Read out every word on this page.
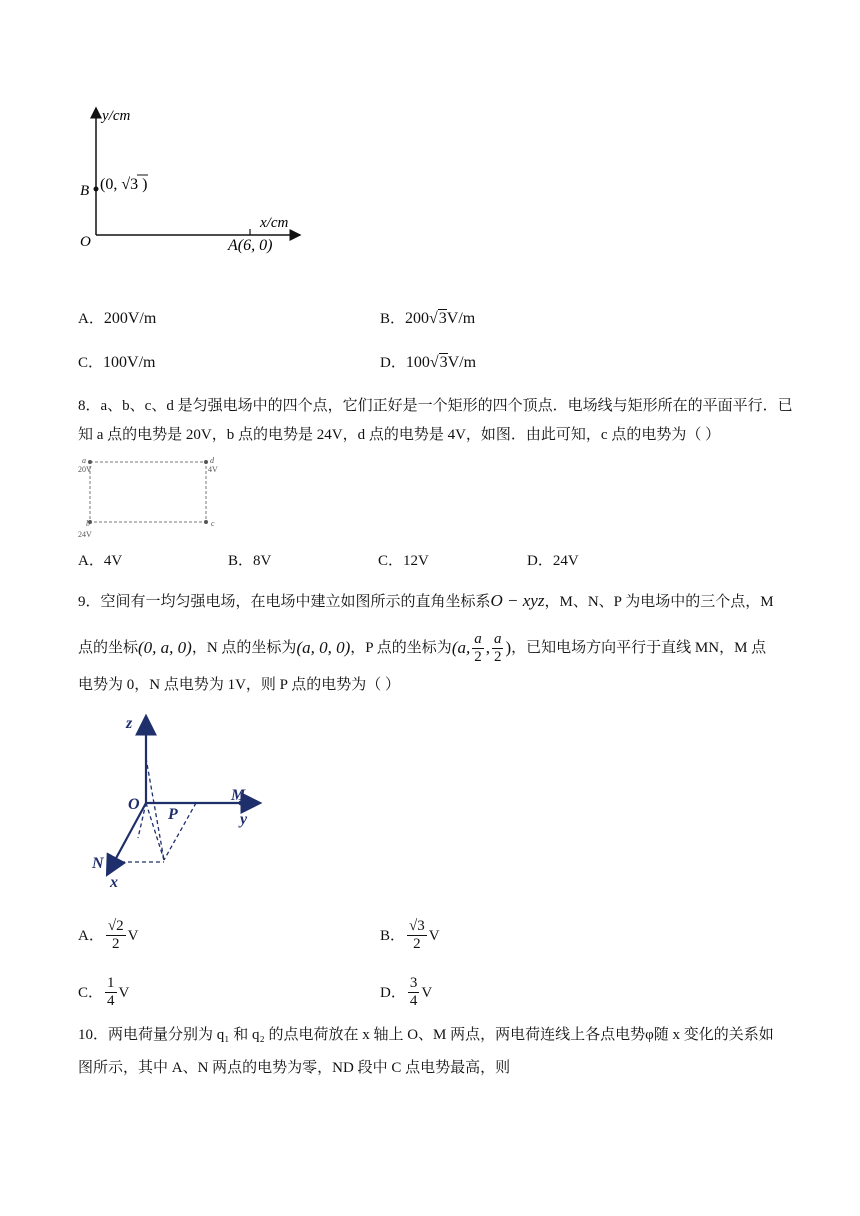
y/cm
x/cm
O
B (0, √3 )
A(6, 0)
A．200V/m	B．200√3V/m
C．100V/m	D．100√3V/m
8．a、b、c、d 是匀强电场中的四个点，它们正好是一个矩形的四个顶点．电场线与矩形所在的平面平行．已
知 a 点的电势是 20V，b 点的电势是 24V，d 点的电势是 4V，如图．由此可知，c 点的电势为（ ）
a
20V
d
4V
b
24V
c
A．4V	B．8V	C．12V	D．24V
9．空间有一均匀强电场，在电场中建立如图所示的直角坐标系O − xyz，M、N、P 为电场中的三个点，M
点的坐标 (0, a, 0) ，N 点的坐标为 (a, 0, 0) ，P 点的坐标为 (a, $\frac{a}{2}$ , $\frac{a}{2}$ ) ，已知电场方向平行于直线 MN，M 点
电势为 0，N 点电势为 1V，则 P 点的电势为（ ）
z
O
P
M
y
N
x
A． $\frac{√2}{2}$ V	B． $\frac{√3}{2}$ V
C． $\frac{1}{4}$ V	D． $\frac{3}{4}$ V
10．两电荷量分别为 q₁ 和 q₂ 的点电荷放在 x 轴上 O、M 两点，两电荷连线上各点电势φ随 x 变化的关系如
图所示，其中 A、N 两点的电势为零，ND 段中 C 点电势最高，则
